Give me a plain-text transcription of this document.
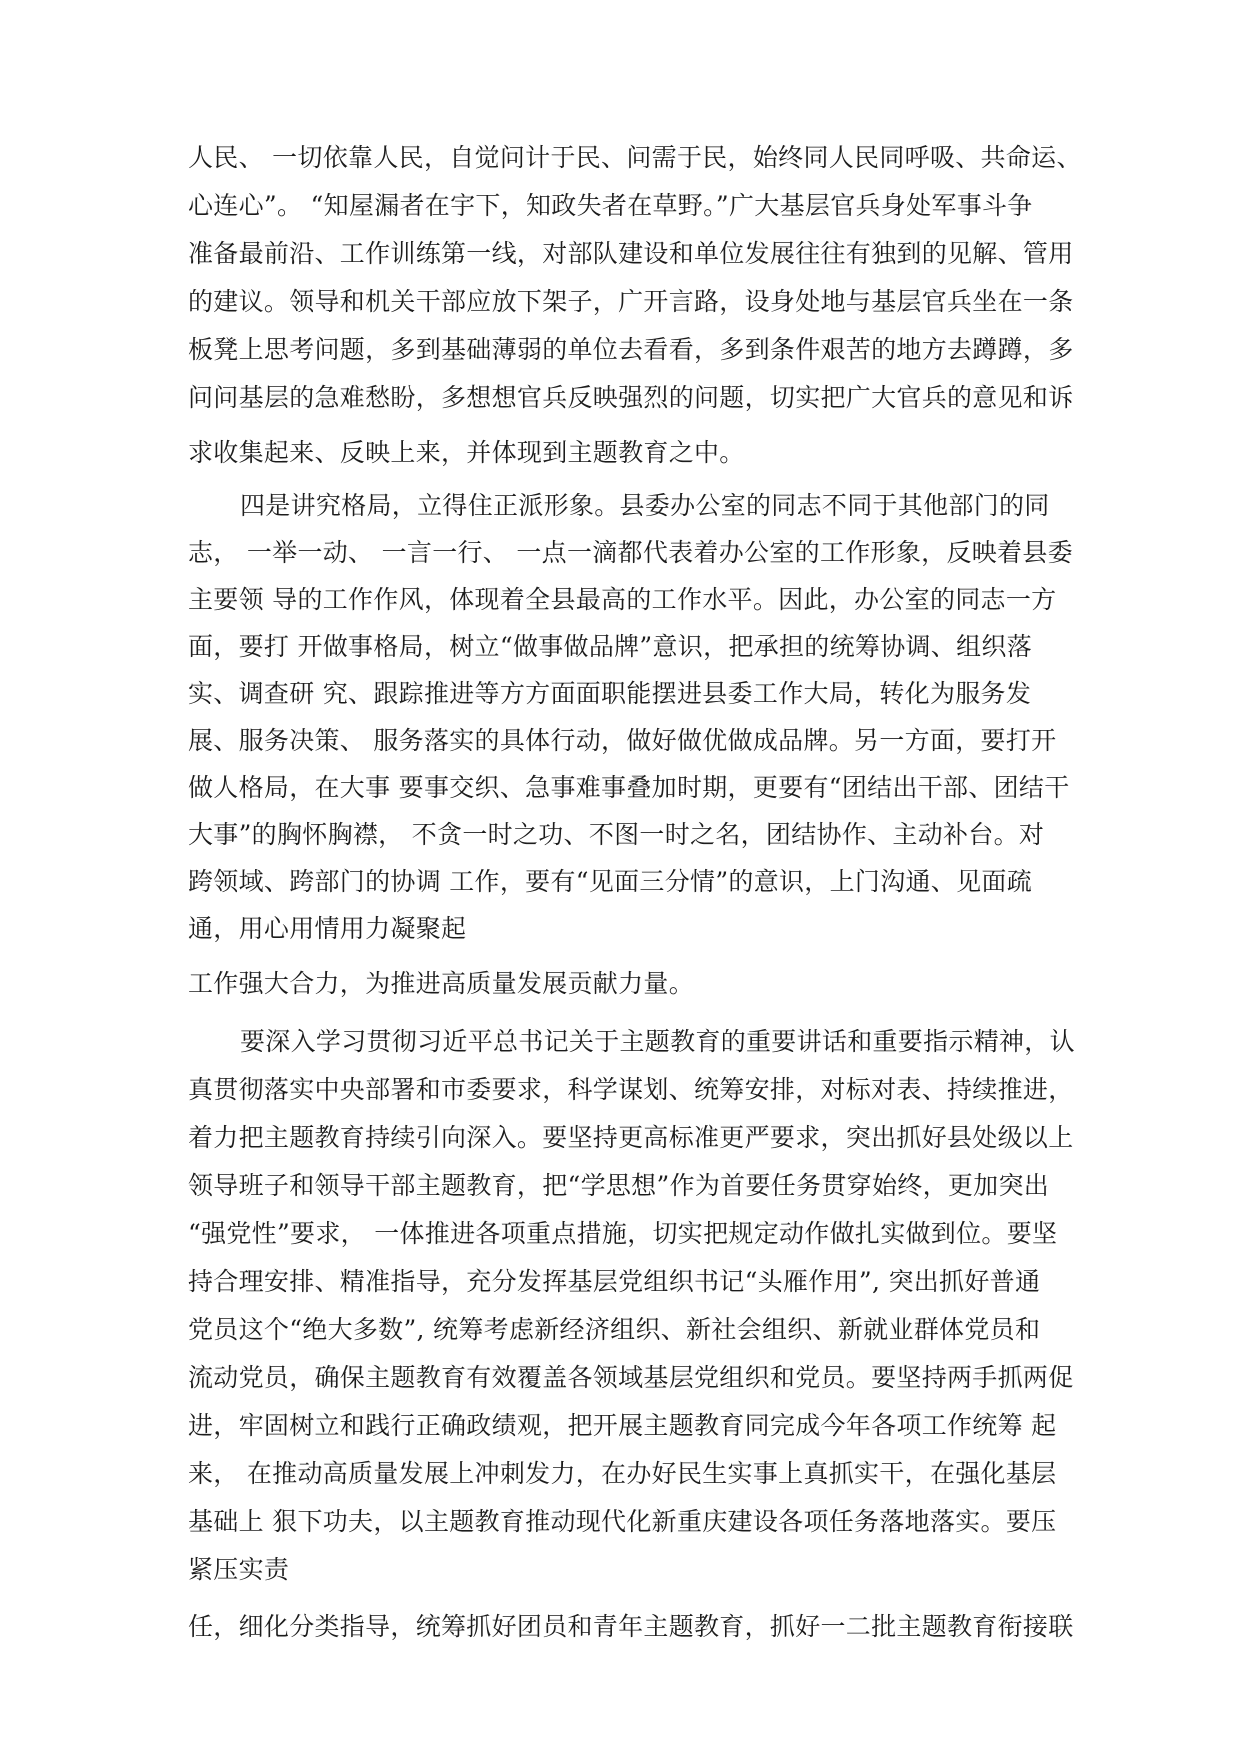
人民、 一切依靠人民，自觉问计于民、问需于民，始终同人民同呼吸、共命运、

心连心”。 “知屋漏者在宇下，知政失者在草野。”广大基层官兵身处军事斗争

准备最前沿、工作训练第一线，对部队建设和单位发展往往有独到的见解、管用

的建议。领导和机关干部应放下架子，广开言路，设身处地与基层官兵坐在一条

板凳上思考问题，多到基础薄弱的单位去看看，多到条件艰苦的地方去蹲蹲，多

问问基层的急难愁盼，多想想官兵反映强烈的问题，切实把广大官兵的意见和诉

求收集起来、反映上来，并体现到主题教育之中。

四是讲究格局，立得住正派形象。县委办公室的同志不同于其他部门的同

志， 一举一动、 一言一行、 一点一滴都代表着办公室的工作形象，反映着县委

主要领 导的工作作风，体现着全县最高的工作水平。因此，办公室的同志一方

面，要打 开做事格局，树立“做事做品牌”意识，把承担的统筹协调、组织落

实、调查研 究、跟踪推进等方方面面职能摆进县委工作大局，转化为服务发

展、服务决策、 服务落实的具体行动，做好做优做成品牌。另一方面，要打开

做人格局，在大事 要事交织、急事难事叠加时期，更要有“团结出干部、团结干

大事”的胸怀胸襟， 不贪一时之功、不图一时之名，团结协作、主动补台。对

跨领域、跨部门的协调 工作，要有“见面三分情”的意识，上门沟通、见面疏

通，用心用情用力凝聚起

工作强大合力，为推进高质量发展贡献力量。

要深入学习贯彻习近平总书记关于主题教育的重要讲话和重要指示精神，认

真贯彻落实中央部署和市委要求，科学谋划、统筹安排，对标对表、持续推进，

着力把主题教育持续引向深入。要坚持更高标准更严要求，突出抓好县处级以上

领导班子和领导干部主题教育，把“学思想”作为首要任务贯穿始终，更加突出

“强党性”要求， 一体推进各项重点措施，切实把规定动作做扎实做到位。要坚

持合理安排、精准指导，充分发挥基层党组织书记“头雁作用”, 突出抓好普通

党员这个“绝大多数”, 统筹考虑新经济组织、新社会组织、新就业群体党员和

流动党员，确保主题教育有效覆盖各领域基层党组织和党员。要坚持两手抓两促

进，牢固树立和践行正确政绩观，把开展主题教育同完成今年各项工作统筹 起

来， 在推动高质量发展上冲刺发力，在办好民生实事上真抓实干，在强化基层

基础上 狠下功夫，以主题教育推动现代化新重庆建设各项任务落地落实。要压

紧压实责

任，细化分类指导，统筹抓好团员和青年主题教育，抓好一二批主题教育衔接联
